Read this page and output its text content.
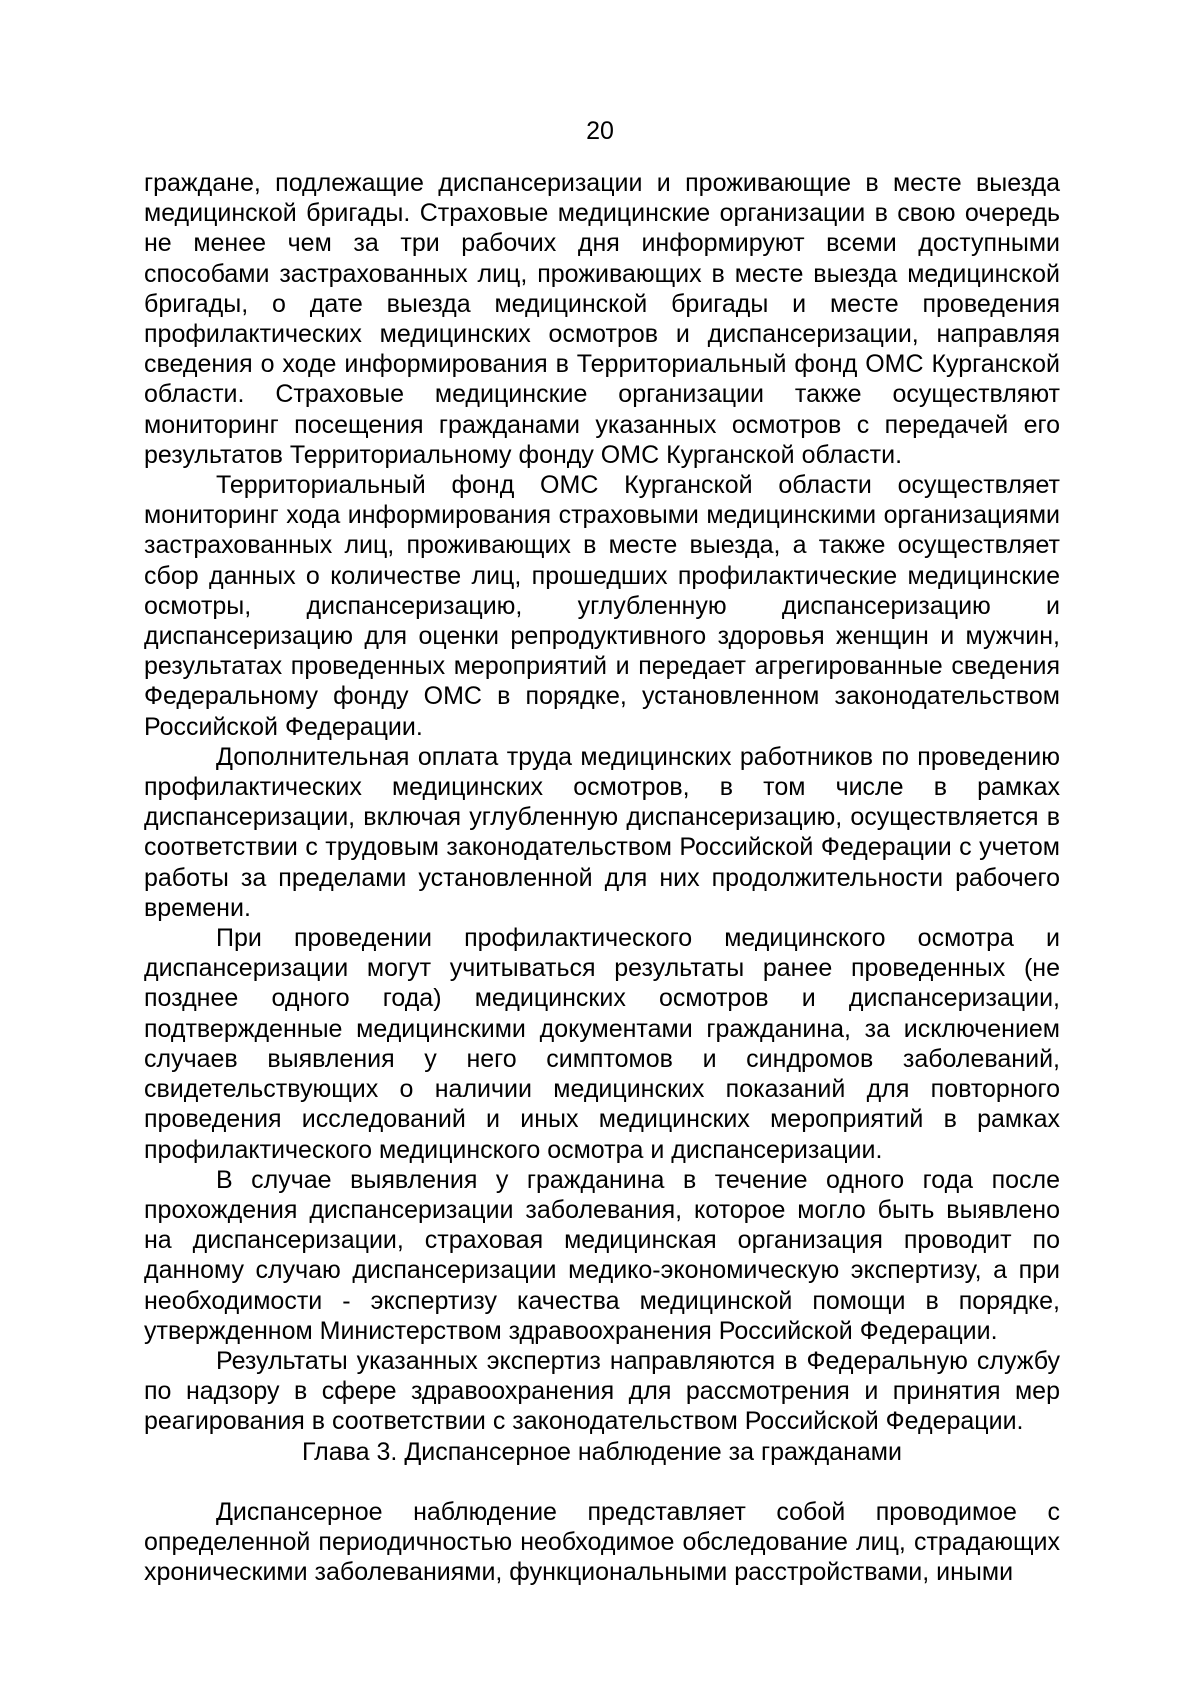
20

граждане, подлежащие диспансеризации и проживающие в месте выезда медицинской бригады. Страховые медицинские организации в свою очередь не менее чем за три рабочих дня информируют всеми доступными способами застрахованных лиц, проживающих в месте выезда медицинской бригады, о дате выезда медицинской бригады и месте проведения профилактических медицинских осмотров и диспансеризации, направляя сведения о ходе информирования в Территориальный фонд ОМС Курганской области. Страховые медицинские организации также осуществляют мониторинг посещения гражданами указанных осмотров с передачей его результатов Территориальному фонду ОМС Курганской области.

Территориальный фонд ОМС Курганской области осуществляет мониторинг хода информирования страховыми медицинскими организациями застрахованных лиц, проживающих в месте выезда, а также осуществляет сбор данных о количестве лиц, прошедших профилактические медицинские осмотры, диспансеризацию, углубленную диспансеризацию и диспансеризацию для оценки репродуктивного здоровья женщин и мужчин, результатах проведенных мероприятий и передает агрегированные сведения Федеральному фонду ОМС в порядке, установленном законодательством Российской Федерации.

Дополнительная оплата труда медицинских работников по проведению профилактических медицинских осмотров, в том числе в рамках диспансеризации, включая углубленную диспансеризацию, осуществляется в соответствии с трудовым законодательством Российской Федерации с учетом работы за пределами установленной для них продолжительности рабочего времени.

При проведении профилактического медицинского осмотра и диспансеризации могут учитываться результаты ранее проведенных (не позднее одного года) медицинских осмотров и диспансеризации, подтвержденные медицинскими документами гражданина, за исключением случаев выявления у него симптомов и синдромов заболеваний, свидетельствующих о наличии медицинских показаний для повторного проведения исследований и иных медицинских мероприятий в рамках профилактического медицинского осмотра и диспансеризации.

В случае выявления у гражданина в течение одного года после прохождения диспансеризации заболевания, которое могло быть выявлено на диспансеризации, страховая медицинская организация проводит по данному случаю диспансеризации медико-экономическую экспертизу, а при необходимости - экспертизу качества медицинской помощи в порядке, утвержденном Министерством здравоохранения Российской Федерации.

Результаты указанных экспертиз направляются в Федеральную службу по надзору в сфере здравоохранения для рассмотрения и принятия мер реагирования в соответствии с законодательством Российской Федерации.

Глава 3. Диспансерное наблюдение за гражданами

Диспансерное наблюдение представляет собой проводимое с определенной периодичностью необходимое обследование лиц, страдающих хроническими заболеваниями, функциональными расстройствами, иными
